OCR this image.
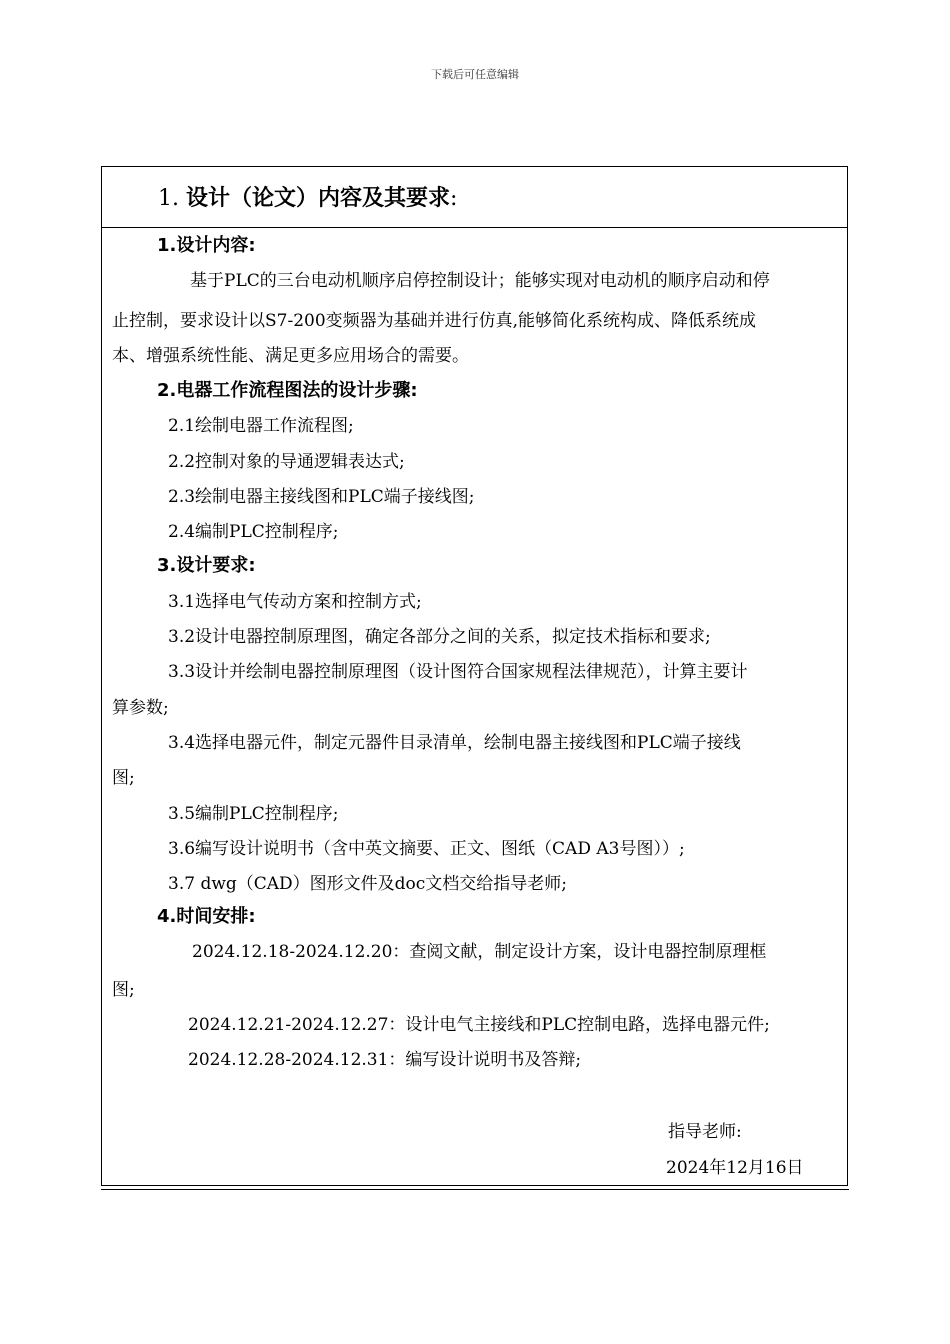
下载后可任意编辑
1. 设计（论文）内容及其要求:
1.设计内容:
基于PLC的三台电动机顺序启停控制设计；能够实现对电动机的顺序启动和停
止控制，要求设计以S7-200变频器为基础并进行仿真,能够简化系统构成、降低系统成
本、增强系统性能、满足更多应用场合的需要。
2.电器工作流程图法的设计步骤:
2.1绘制电器工作流程图;
2.2控制对象的导通逻辑表达式;
2.3绘制电器主接线图和PLC端子接线图;
2.4编制PLC控制程序;
3.设计要求:
3.1选择电气传动方案和控制方式;
3.2设计电器控制原理图，确定各部分之间的关系，拟定技术指标和要求;
3.3设计并绘制电器控制原理图（设计图符合国家规程法律规范），计算主要计
算参数;
3.4选择电器元件，制定元器件目录清单，绘制电器主接线图和PLC端子接线
图;
3.5编制PLC控制程序;
3.6编写设计说明书（含中英文摘要、正文、图纸（CAD A3号图））;
3.7 dwg（CAD）图形文件及doc文档交给指导老师;
4.时间安排:
2024.12.18-2024.12.20：查阅文献，制定设计方案，设计电器控制原理框
图;
2024.12.21-2024.12.27：设计电气主接线和PLC控制电路，选择电器元件;
2024.12.28-2024.12.31：编写设计说明书及答辩;
指导老师:
2024年12月16日
